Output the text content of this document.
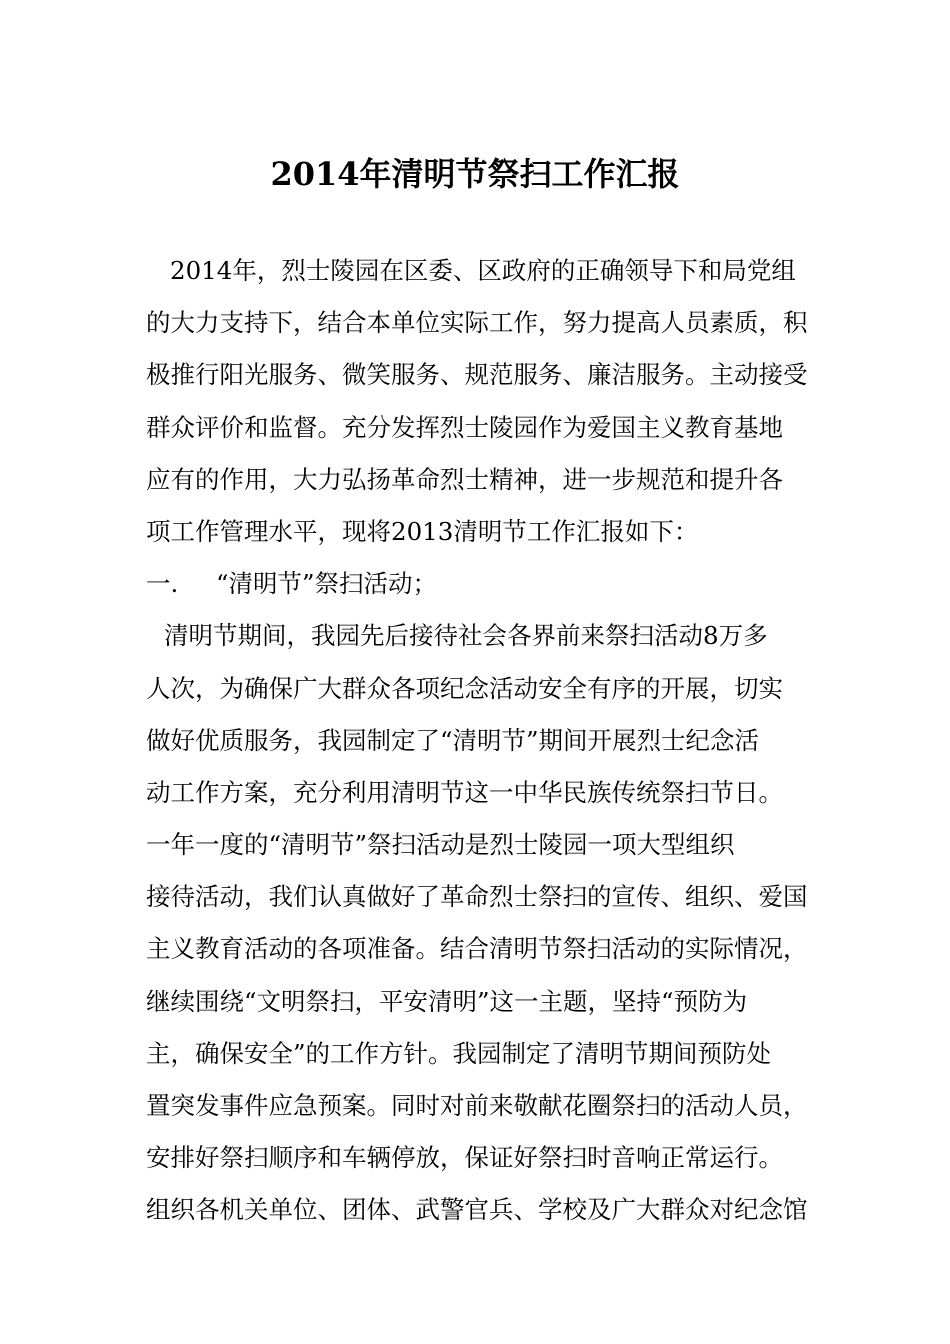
2014年清明节祭扫工作汇报
2014年，烈士陵园在区委、区政府的正确领导下和局党组
的大力支持下，结合本单位实际工作，努力提高人员素质，积
极推行阳光服务、微笑服务、规范服务、廉洁服务。主动接受
群众评价和监督。充分发挥烈士陵园作为爱国主义教育基地
应有的作用，大力弘扬革命烈士精神，进一步规范和提升各
项工作管理水平，现将2013清明节工作汇报如下：
一. “清明节”祭扫活动；
清明节期间，我园先后接待社会各界前来祭扫活动8万多
人次，为确保广大群众各项纪念活动安全有序的开展，切实
做好优质服务，我园制定了“清明节”期间开展烈士纪念活
动工作方案，充分利用清明节这一中华民族传统祭扫节日。
一年一度的“清明节”祭扫活动是烈士陵园一项大型组织
接待活动，我们认真做好了革命烈士祭扫的宣传、组织、爱国
主义教育活动的各项准备。结合清明节祭扫活动的实际情况，
继续围绕“文明祭扫，平安清明”这一主题，坚持“预防为
主，确保安全”的工作方针。我园制定了清明节期间预防处
置突发事件应急预案。同时对前来敬献花圈祭扫的活动人员，
安排好祭扫顺序和车辆停放，保证好祭扫时音响正常运行。
组织各机关单位、团体、武警官兵、学校及广大群众对纪念馆
